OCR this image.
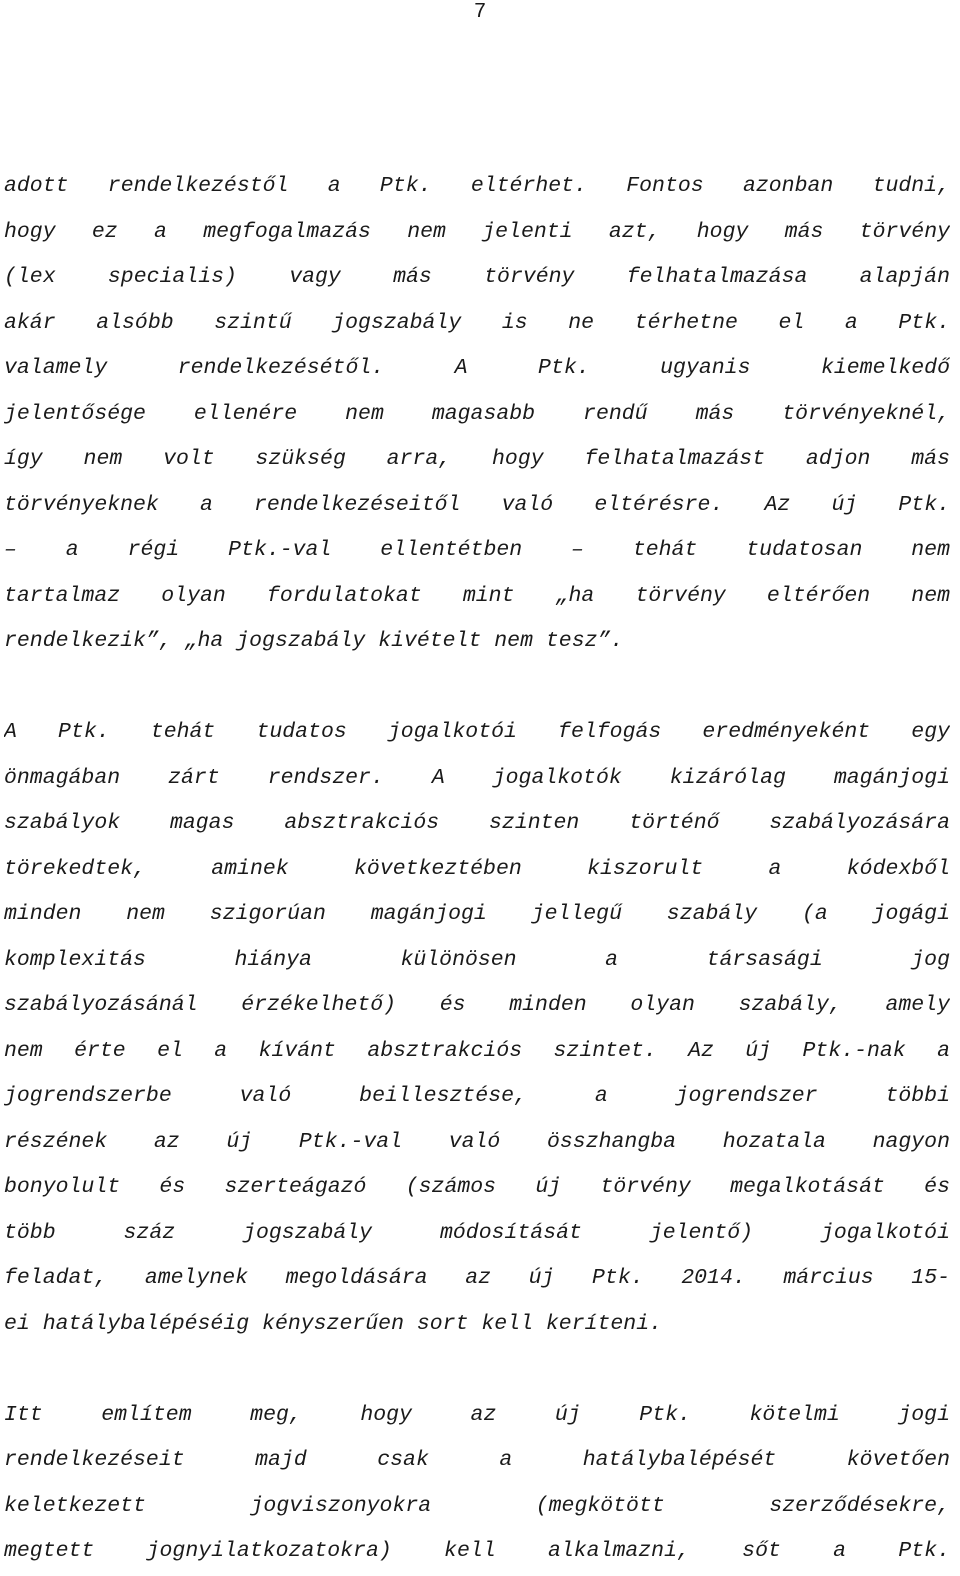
7
adott rendelkezéstől a Ptk. eltérhet. Fontos azonban tudni,
hogy ez a megfogalmazás nem jelenti azt, hogy más törvény
(lex specialis) vagy más törvény felhatalmazása alapján
akár alsóbb szintű jogszabály is ne térhetne el a Ptk.
valamely rendelkezésétől. A Ptk. ugyanis kiemelkedő
jelentősége ellenére nem magasabb rendű más törvényeknél,
így nem volt szükség arra, hogy felhatalmazást adjon más
törvényeknek a rendelkezéseitől való eltérésre. Az új Ptk.
– a régi Ptk.-val ellentétben – tehát tudatosan nem
tartalmaz olyan fordulatokat mint „ha törvény eltérően nem
rendelkezik”, „ha jogszabály kivételt nem tesz”.
A Ptk. tehát tudatos jogalkotói felfogás eredményeként egy
önmagában zárt rendszer. A jogalkotók kizárólag magánjogi
szabályok magas absztrakciós szinten történő szabályozására
törekedtek, aminek következtében kiszorult a kódexből
minden nem szigorúan magánjogi jellegű szabály (a jogági
komplexitás hiánya különösen a társasági jog
szabályozásánál érzékelhető) és minden olyan szabály, amely
nem érte el a kívánt absztrakciós szintet. Az új Ptk.-nak a
jogrendszerbe való beillesztése, a jogrendszer többi
részének az új Ptk.-val való összhangba hozatala nagyon
bonyolult és szerteágazó (számos új törvény megalkotását és
több száz jogszabály módosítását jelentő) jogalkotói
feladat, amelynek megoldására az új Ptk. 2014. március 15-
ei hatálybalépéséig kényszerűen sort kell keríteni.
Itt említem meg, hogy az új Ptk. kötelmi jogi
rendelkezéseit majd csak a hatálybalépését követően
keletkezett jogviszonyokra (megkötött szerződésekre,
megtett jognyilatkozatokra) kell alkalmazni, sőt a Ptk.
